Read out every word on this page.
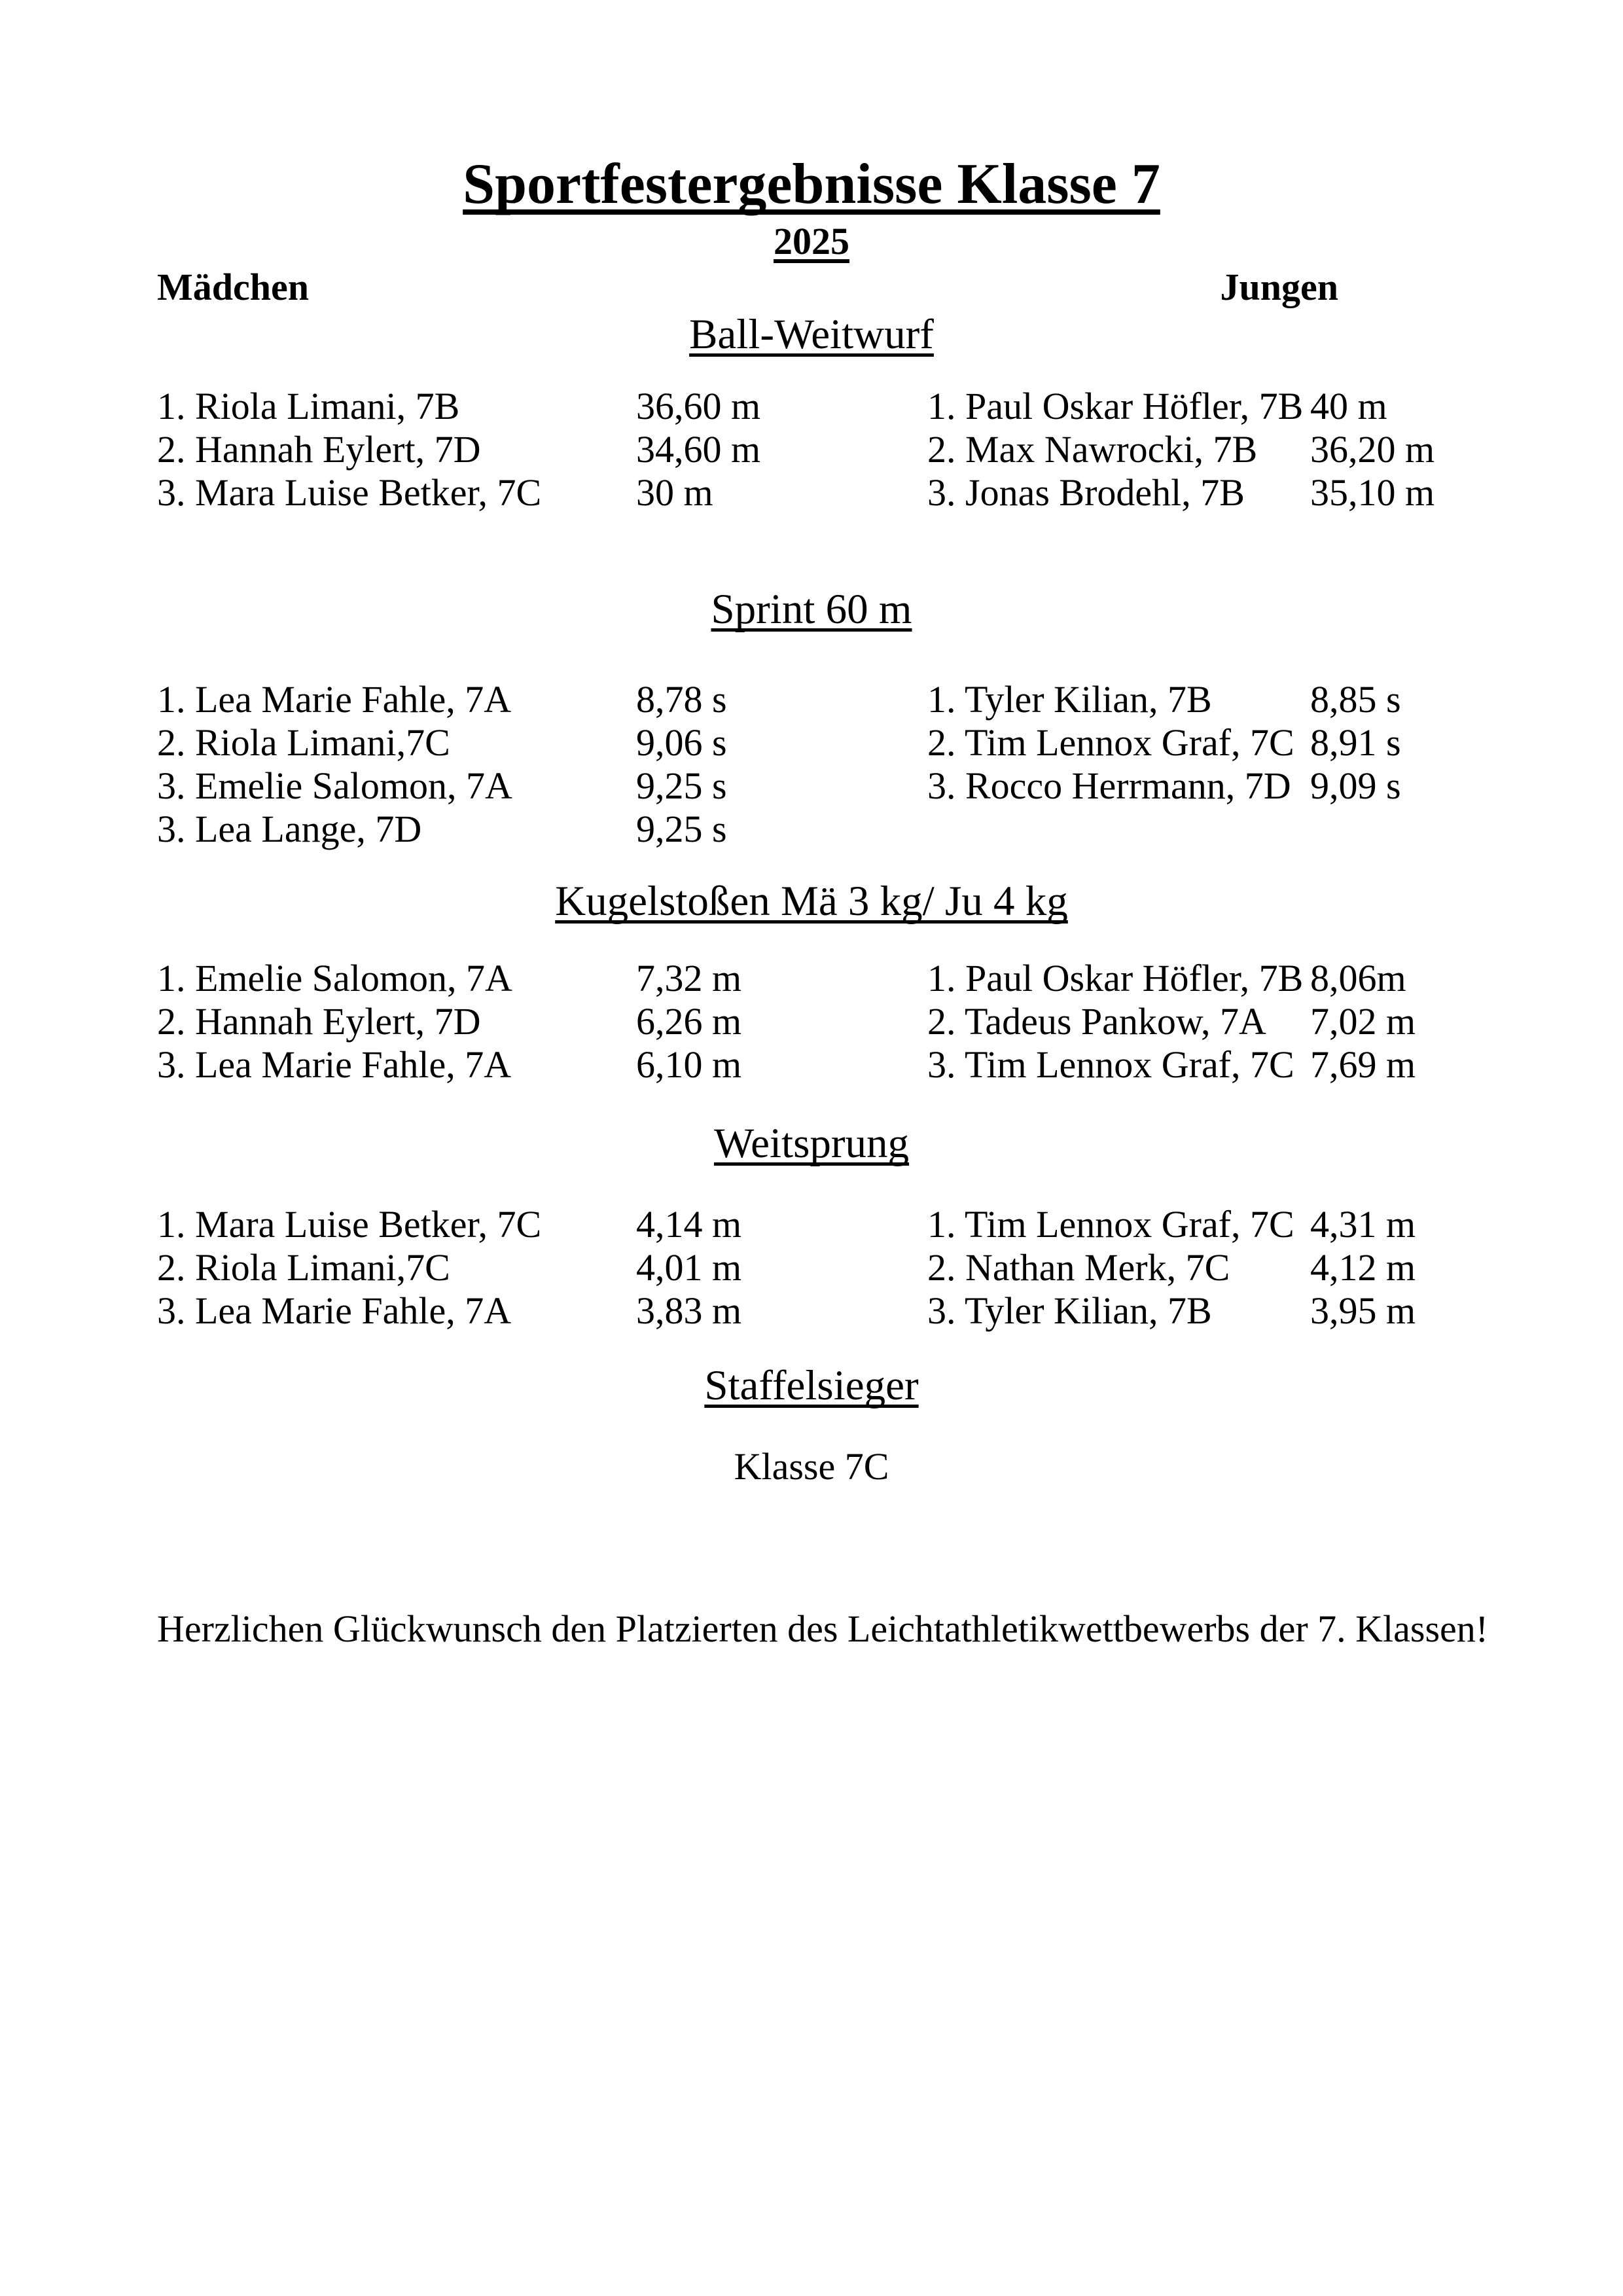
Sportfestergebnisse Klasse 7
2025
Mädchen	Jungen
Ball-Weitwurf
1. Riola Limani, 7B
2. Hannah Eylert, 7D
3. Mara Luise Betker, 7C
36,60 m
34,60 m
30 m
1. Paul Oskar Höfler, 7B
2. Max Nawrocki, 7B
3. Jonas Brodehl, 7B
40 m
36,20 m
35,10 m
Sprint 60 m
1. Lea Marie Fahle, 7A
2. Riola Limani,7C
3. Emelie Salomon, 7A
3. Lea Lange, 7D
8,78 s
9,06 s
9,25 s
9,25 s
1. Tyler Kilian, 7B
2. Tim Lennox Graf, 7C
3. Rocco Herrmann, 7D
8,85 s
8,91 s
9,09 s
Kugelstoßen Mä 3 kg/ Ju 4 kg
1. Emelie Salomon, 7A
2. Hannah Eylert, 7D
3. Lea Marie Fahle, 7A
7,32 m
6,26 m
6,10 m
1. Paul Oskar Höfler, 7B
2. Tadeus Pankow, 7A
3. Tim Lennox Graf, 7C
8,06m
7,02 m
7,69 m
Weitsprung
1. Mara Luise Betker, 7C
2. Riola Limani,7C
3. Lea Marie Fahle, 7A
4,14 m
4,01 m
3,83 m
1. Tim Lennox Graf, 7C
2. Nathan Merk, 7C
3. Tyler Kilian, 7B
4,31 m
4,12 m
3,95 m
Staffelsieger
Klasse 7C
Herzlichen Glückwunsch den Platzierten des Leichtathletikwettbewerbs der 7. Klassen!
